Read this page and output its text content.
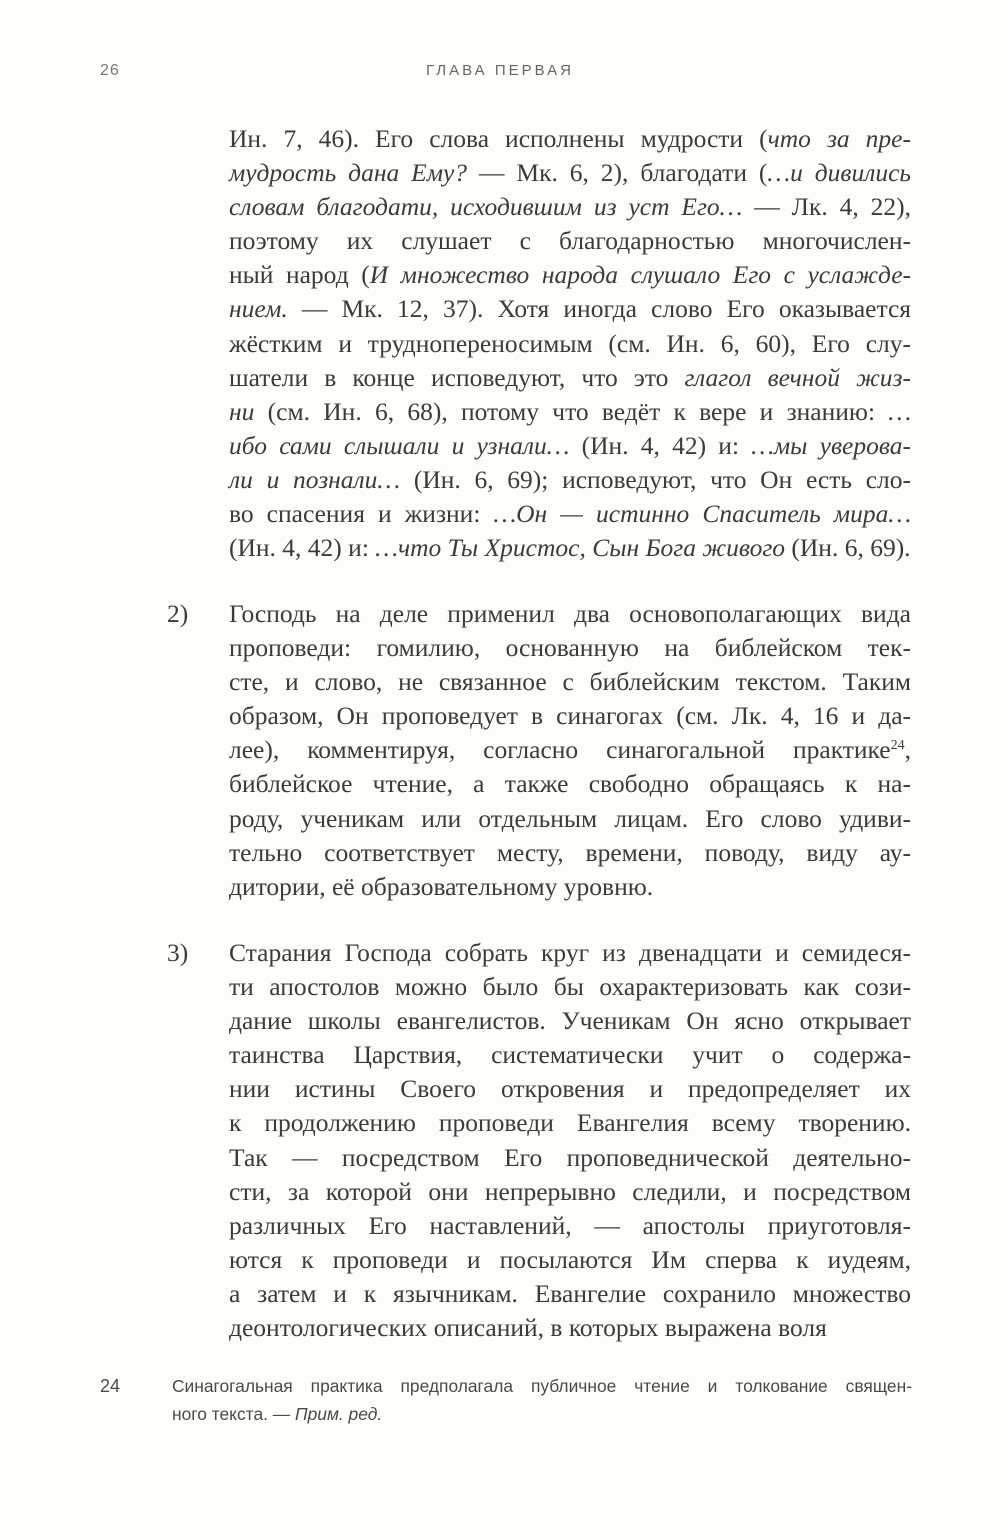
26	ГЛАВА ПЕРВАЯ
Ин. 7, 46). Его слова исполнены мудрости (что за пре-
мудрость дана Ему? — Мк. 6, 2), благодати (…и дивились
словам благодати, исходившим из уст Его… — Лк. 4, 22),
поэтому их слушает с благодарностью многочислен-
ный народ (И множество народа слушало Его с услажде-
нием. — Мк. 12, 37). Хотя иногда слово Его оказывается
жёстким и труднопереносимым (см. Ин. 6, 60), Его слу-
шатели в конце исповедуют, что это глагол вечной жиз-
ни (см. Ин. 6, 68), потому что ведёт к вере и знанию: …
ибо сами слышали и узнали… (Ин. 4, 42) и: …мы уверова-
ли и познали… (Ин. 6, 69); исповедуют, что Он есть сло-
во спасения и жизни: …Он — истинно Спаситель мира…
(Ин. 4, 42) и: …что Ты Христос, Сын Бога живого (Ин. 6, 69).
2) Господь на деле применил два основополагающих вида
проповеди: гомилию, основанную на библейском тек-
сте, и слово, не связанное с библейским текстом. Таким
образом, Он проповедует в синагогах (см. Лк. 4, 16 и да-
лее), комментируя, согласно синагогальной практике$^{24}$,
библейское чтение, а также свободно обращаясь к на-
роду, ученикам или отдельным лицам. Его слово удиви-
тельно соответствует месту, времени, поводу, виду ау-
дитории, её образовательному уровню.
3) Старания Господа собрать круг из двенадцати и семидеся-
ти апостолов можно было бы охарактеризовать как сози-
дание школы евангелистов. Ученикам Он ясно открывает
таинства Царствия, систематически учит о содержа-
нии истины Своего откровения и предопределяет их
к продолжению проповеди Евангелия всему творению.
Так — посредством Его проповеднической деятельно-
сти, за которой они непрерывно следили, и посредством
различных Его наставлений, — апостолы приуготовля-
ются к проповеди и посылаются Им сперва к иудеям,
а затем и к язычникам. Евангелие сохранило множество
деонтологических описаний, в которых выражена воля
24	Синагогальная практика предполагала публичное чтение и толкование священ-
ного текста. — Прим. ред.
